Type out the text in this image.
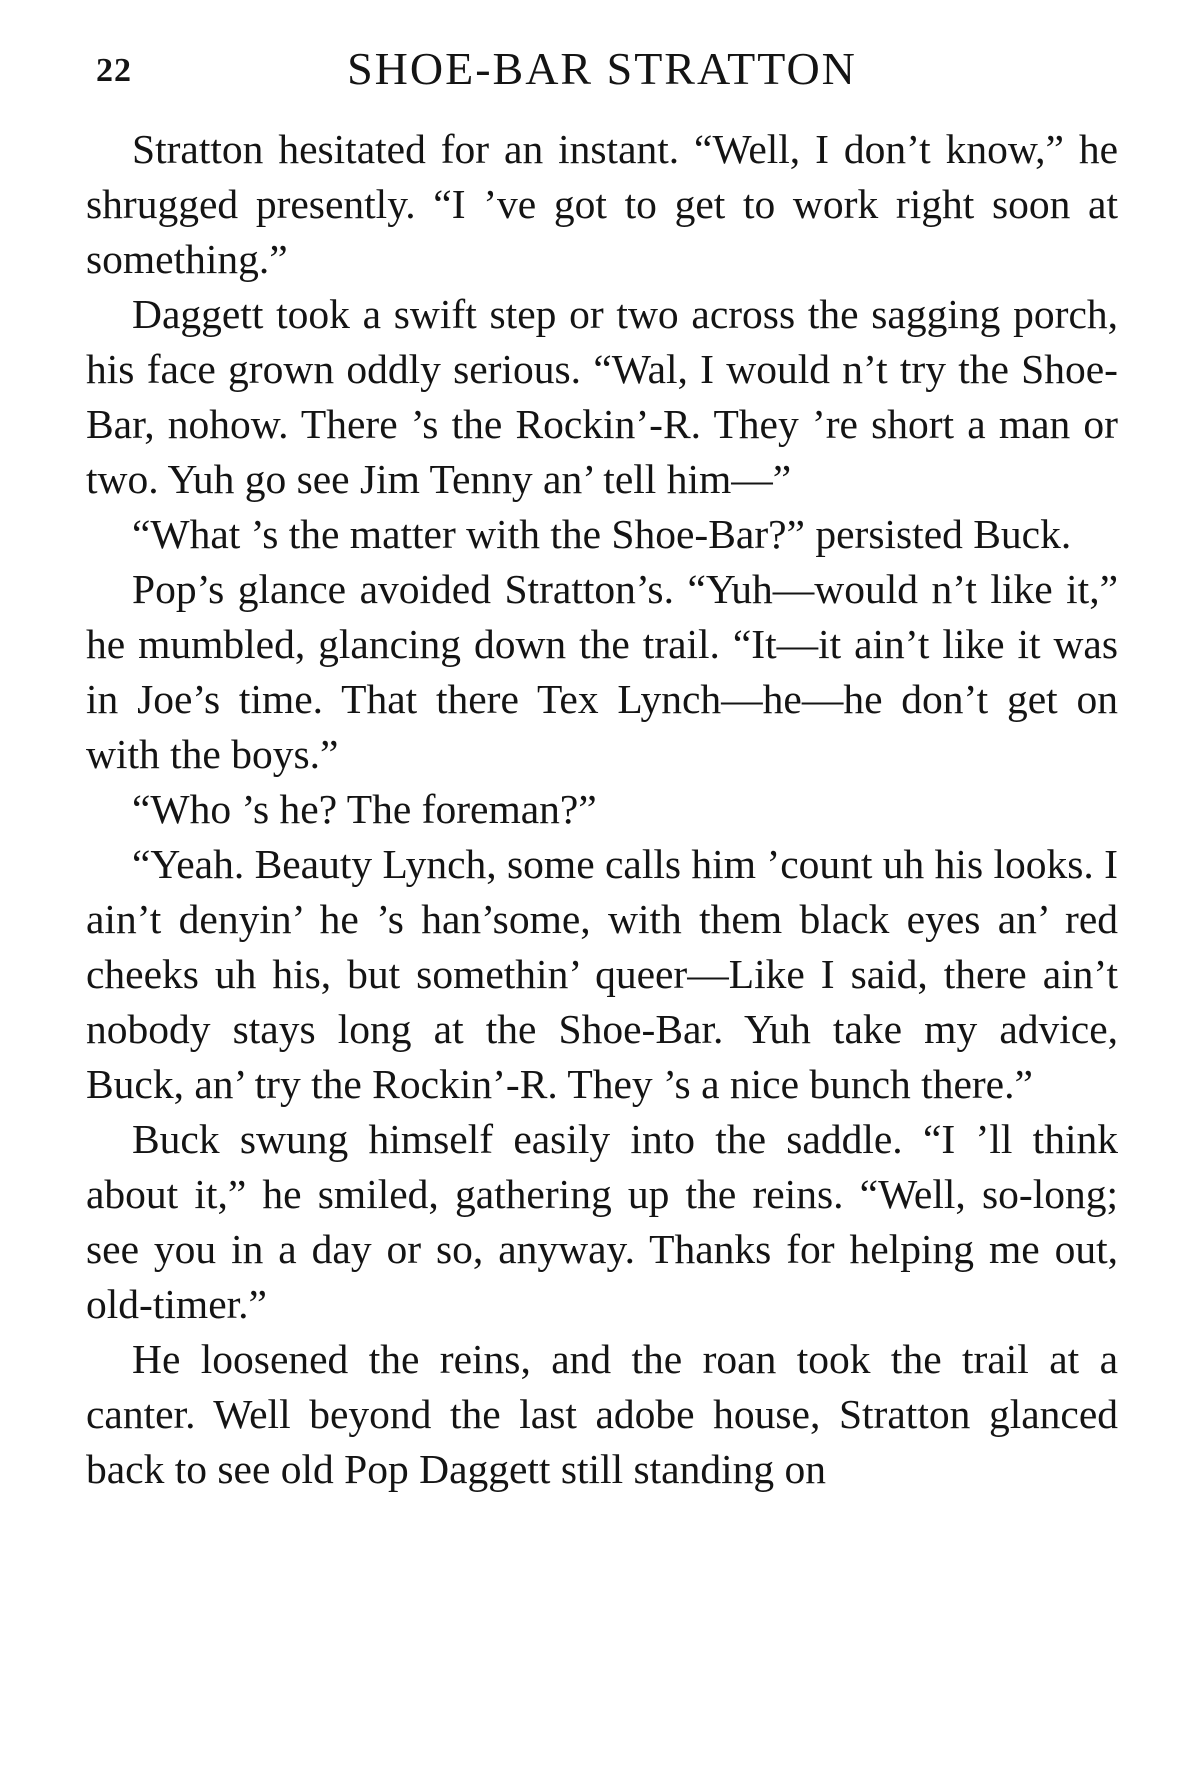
22	SHOE-BAR STRATTON

Stratton hesitated for an instant. “Well, I don’t know,” he shrugged presently. “I ’ve got to get to work right soon at something.”

Daggett took a swift step or two across the sagging porch, his face grown oddly serious. “Wal, I would n’t try the Shoe-Bar, nohow. There ’s the Rockin’-R. They ’re short a man or two. Yuh go see Jim Tenny an’ tell him—”

“What ’s the matter with the Shoe-Bar?” persisted Buck.

Pop’s glance avoided Stratton’s. “Yuh—would n’t like it,” he mumbled, glancing down the trail. “It—it ain’t like it was in Joe’s time. That there Tex Lynch—he—he don’t get on with the boys.”

“Who ’s he? The foreman?”

“Yeah. Beauty Lynch, some calls him ’count uh his looks. I ain’t denyin’ he ’s han’some, with them black eyes an’ red cheeks uh his, but somethin’ queer—Like I said, there ain’t nobody stays long at the Shoe-Bar. Yuh take my advice, Buck, an’ try the Rockin’-R. They ’s a nice bunch there.”

Buck swung himself easily into the saddle. “I ’ll think about it,” he smiled, gathering up the reins. “Well, so-long; see you in a day or so, anyway. Thanks for helping me out, old-timer.”

He loosened the reins, and the roan took the trail at a canter. Well beyond the last adobe house, Stratton glanced back to see old Pop Daggett still standing on
